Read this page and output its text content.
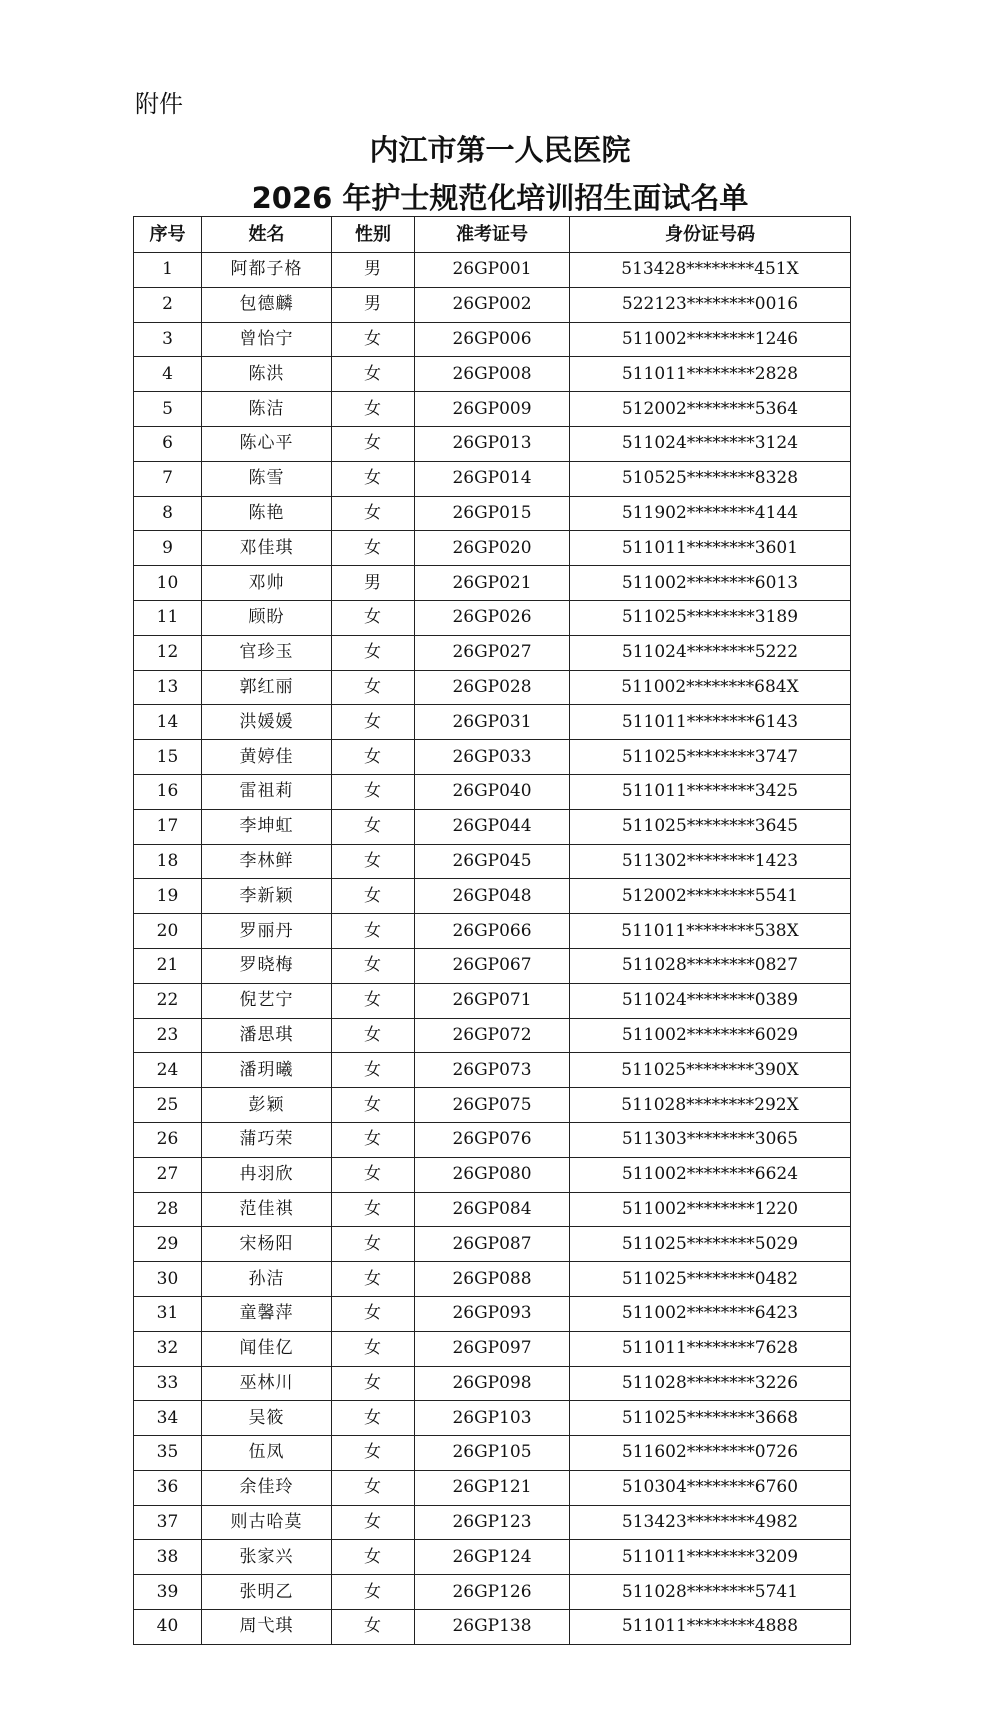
附件
内江市第一人民医院
2026 年护士规范化培训招生面试名单
序号	姓名	性别	准考证号	身份证号码
1	阿都子格	男	26GP001	513428********451X
2	包德麟	男	26GP002	522123********0016
3	曾怡宁	女	26GP006	511002********1246
4	陈洪	女	26GP008	511011********2828
5	陈洁	女	26GP009	512002********5364
6	陈心平	女	26GP013	511024********3124
7	陈雪	女	26GP014	510525********8328
8	陈艳	女	26GP015	511902********4144
9	邓佳琪	女	26GP020	511011********3601
10	邓帅	男	26GP021	511002********6013
11	顾盼	女	26GP026	511025********3189
12	官珍玉	女	26GP027	511024********5222
13	郭红丽	女	26GP028	511002********684X
14	洪媛媛	女	26GP031	511011********6143
15	黄婷佳	女	26GP033	511025********3747
16	雷祖莉	女	26GP040	511011********3425
17	李坤虹	女	26GP044	511025********3645
18	李林鲜	女	26GP045	511302********1423
19	李新颖	女	26GP048	512002********5541
20	罗丽丹	女	26GP066	511011********538X
21	罗晓梅	女	26GP067	511028********0827
22	倪艺宁	女	26GP071	511024********0389
23	潘思琪	女	26GP072	511002********6029
24	潘玥曦	女	26GP073	511025********390X
25	彭颖	女	26GP075	511028********292X
26	蒲巧荣	女	26GP076	511303********3065
27	冉羽欣	女	26GP080	511002********6624
28	范佳祺	女	26GP084	511002********1220
29	宋杨阳	女	26GP087	511025********5029
30	孙洁	女	26GP088	511025********0482
31	童馨萍	女	26GP093	511002********6423
32	闻佳亿	女	26GP097	511011********7628
33	巫林川	女	26GP098	511028********3226
34	吴筱	女	26GP103	511025********3668
35	伍凤	女	26GP105	511602********0726
36	余佳玲	女	26GP121	510304********6760
37	则古哈莫	女	26GP123	513423********4982
38	张家兴	女	26GP124	511011********3209
39	张明乙	女	26GP126	511028********5741
40	周弋琪	女	26GP138	511011********4888
